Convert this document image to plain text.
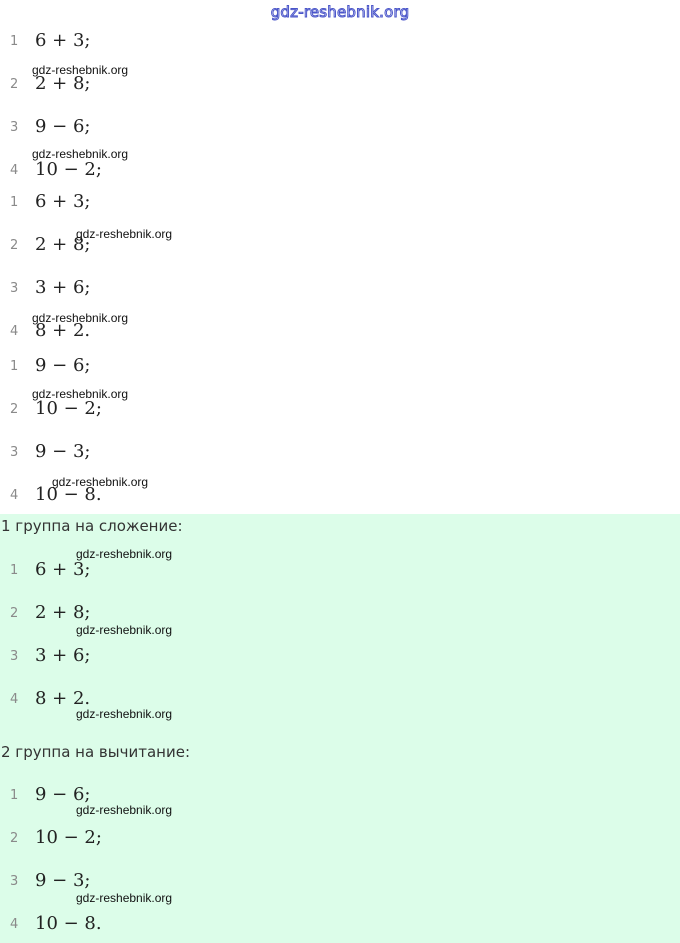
gdz-reshebnik.org
1 6 + 3;
2 2 + 8;
3 9 − 6;
4 10 − 2;
1 6 + 3;
2 2 + 8;
3 3 + 6;
4 8 + 2.
1 9 − 6;
2 10 − 2;
3 9 − 3;
4 10 − 8.
1 группа на сложение:
1 6 + 3;
2 2 + 8;
3 3 + 6;
4 8 + 2.
2 группа на вычитание:
1 9 − 6;
2 10 − 2;
3 9 − 3;
4 10 − 8.
gdz-reshebnik.org
gdz-reshebnik.org
gdz-reshebnik.org
gdz-reshebnik.org
gdz-reshebnik.org
gdz-reshebnik.org
gdz-reshebnik.org
gdz-reshebnik.org
gdz-reshebnik.org
gdz-reshebnik.org
gdz-reshebnik.org
